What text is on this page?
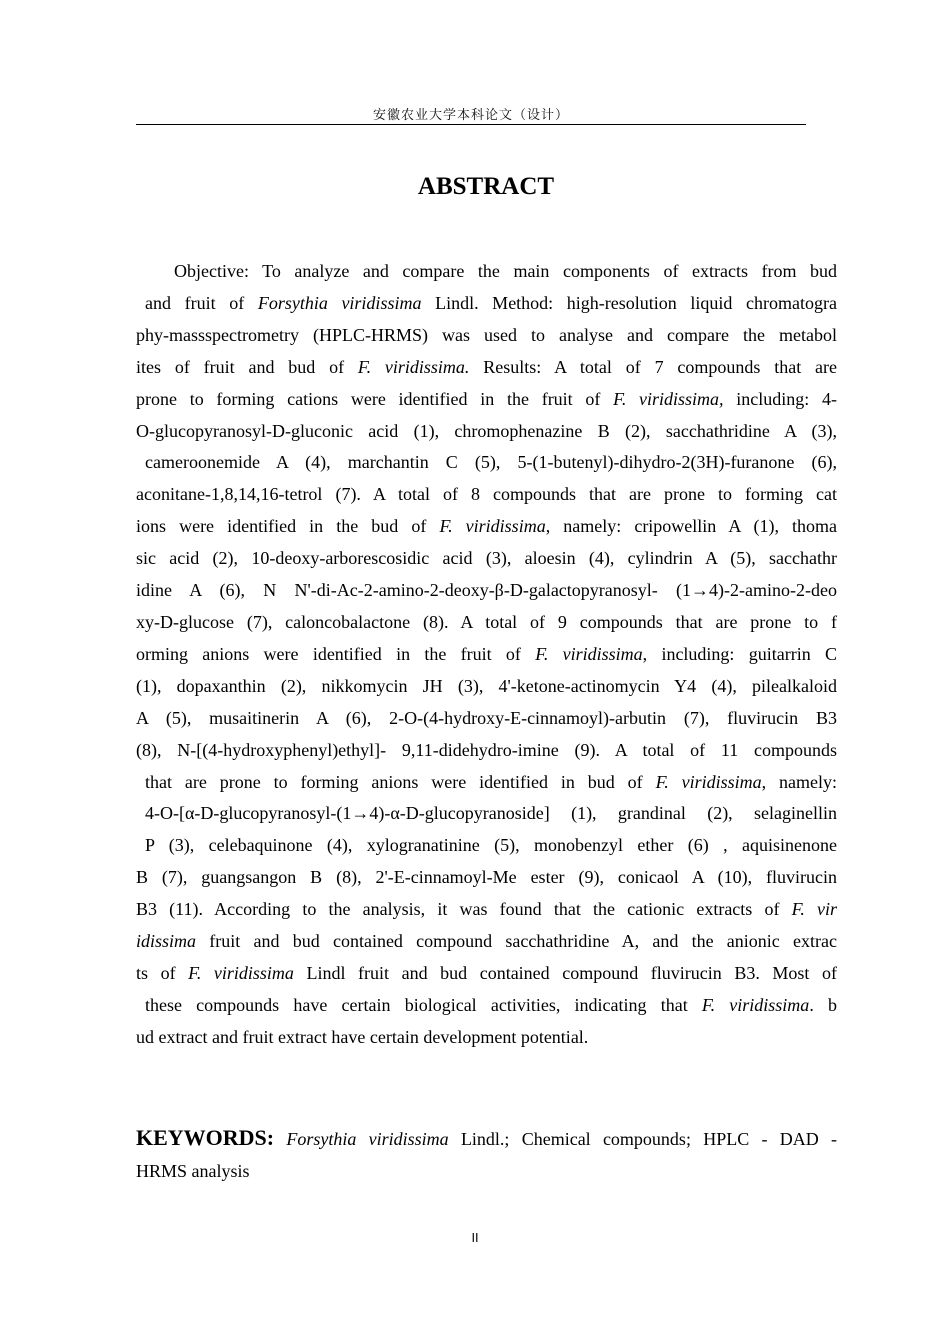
安徽农业大学本科论文（设计）
ABSTRACT
Objective: To analyze and compare the main components of extracts from bud
and fruit of Forsythia viridissima Lindl. Method: high-resolution liquid chromatogra
phy-massspectrometry (HPLC-HRMS) was used to analyse and compare the metabol
ites of fruit and bud of F. viridissima. Results: A total of 7 compounds that are
prone to forming cations were identified in the fruit of F. viridissima, including: 4-
O-glucopyranosyl-D-gluconic acid (1), chromophenazine B (2), sacchathridine A (3),
cameroonemide A (4), marchantin C (5), 5-(1-butenyl)-dihydro-2(3H)-furanone (6),
aconitane-1,8,14,16-tetrol (7). A total of 8 compounds that are prone to forming cat
ions were identified in the bud of F. viridissima, namely: cripowellin A (1), thoma
sic acid (2), 10-deoxy-arborescosidic acid (3), aloesin (4), cylindrin A (5), sacchathr
idine A (6), N N'-di-Ac-2-amino-2-deoxy-β-D-galactopyranosyl- (1→4)-2-amino-2-deo
xy-D-glucose (7), caloncobalactone (8). A total of 9 compounds that are prone to f
orming anions were identified in the fruit of F. viridissima, including: guitarrin C
(1), dopaxanthin (2), nikkomycin JH (3), 4'-ketone-actinomycin Y4 (4), pilealkaloid
A (5), musaitinerin A (6), 2-O-(4-hydroxy-E-cinnamoyl)-arbutin (7), fluvirucin B3
(8), N-[(4-hydroxyphenyl)ethyl]- 9,11-didehydro-imine (9). A total of 11 compounds
that are prone to forming anions were identified in bud of F. viridissima, namely:
4-O-[α-D-glucopyranosyl-(1→4)-α-D-glucopyranoside] (1), grandinal (2), selaginellin
P (3), celebaquinone (4), xylogranatinine (5), monobenzyl ether (6) , aquisinenone
B (7), guangsangon B (8), 2'-E-cinnamoyl-Me ester (9), conicaol A (10), fluvirucin
B3 (11). According to the analysis, it was found that the cationic extracts of F. vir
idissima fruit and bud contained compound sacchathridine A, and the anionic extrac
ts of F. viridissima Lindl fruit and bud contained compound fluvirucin B3. Most of
these compounds have certain biological activities, indicating that F. viridissima. b
ud extract and fruit extract have certain development potential.
KEYWORDS: Forsythia viridissima Lindl.; Chemical compounds; HPLC - DAD -
HRMS analysis
II
